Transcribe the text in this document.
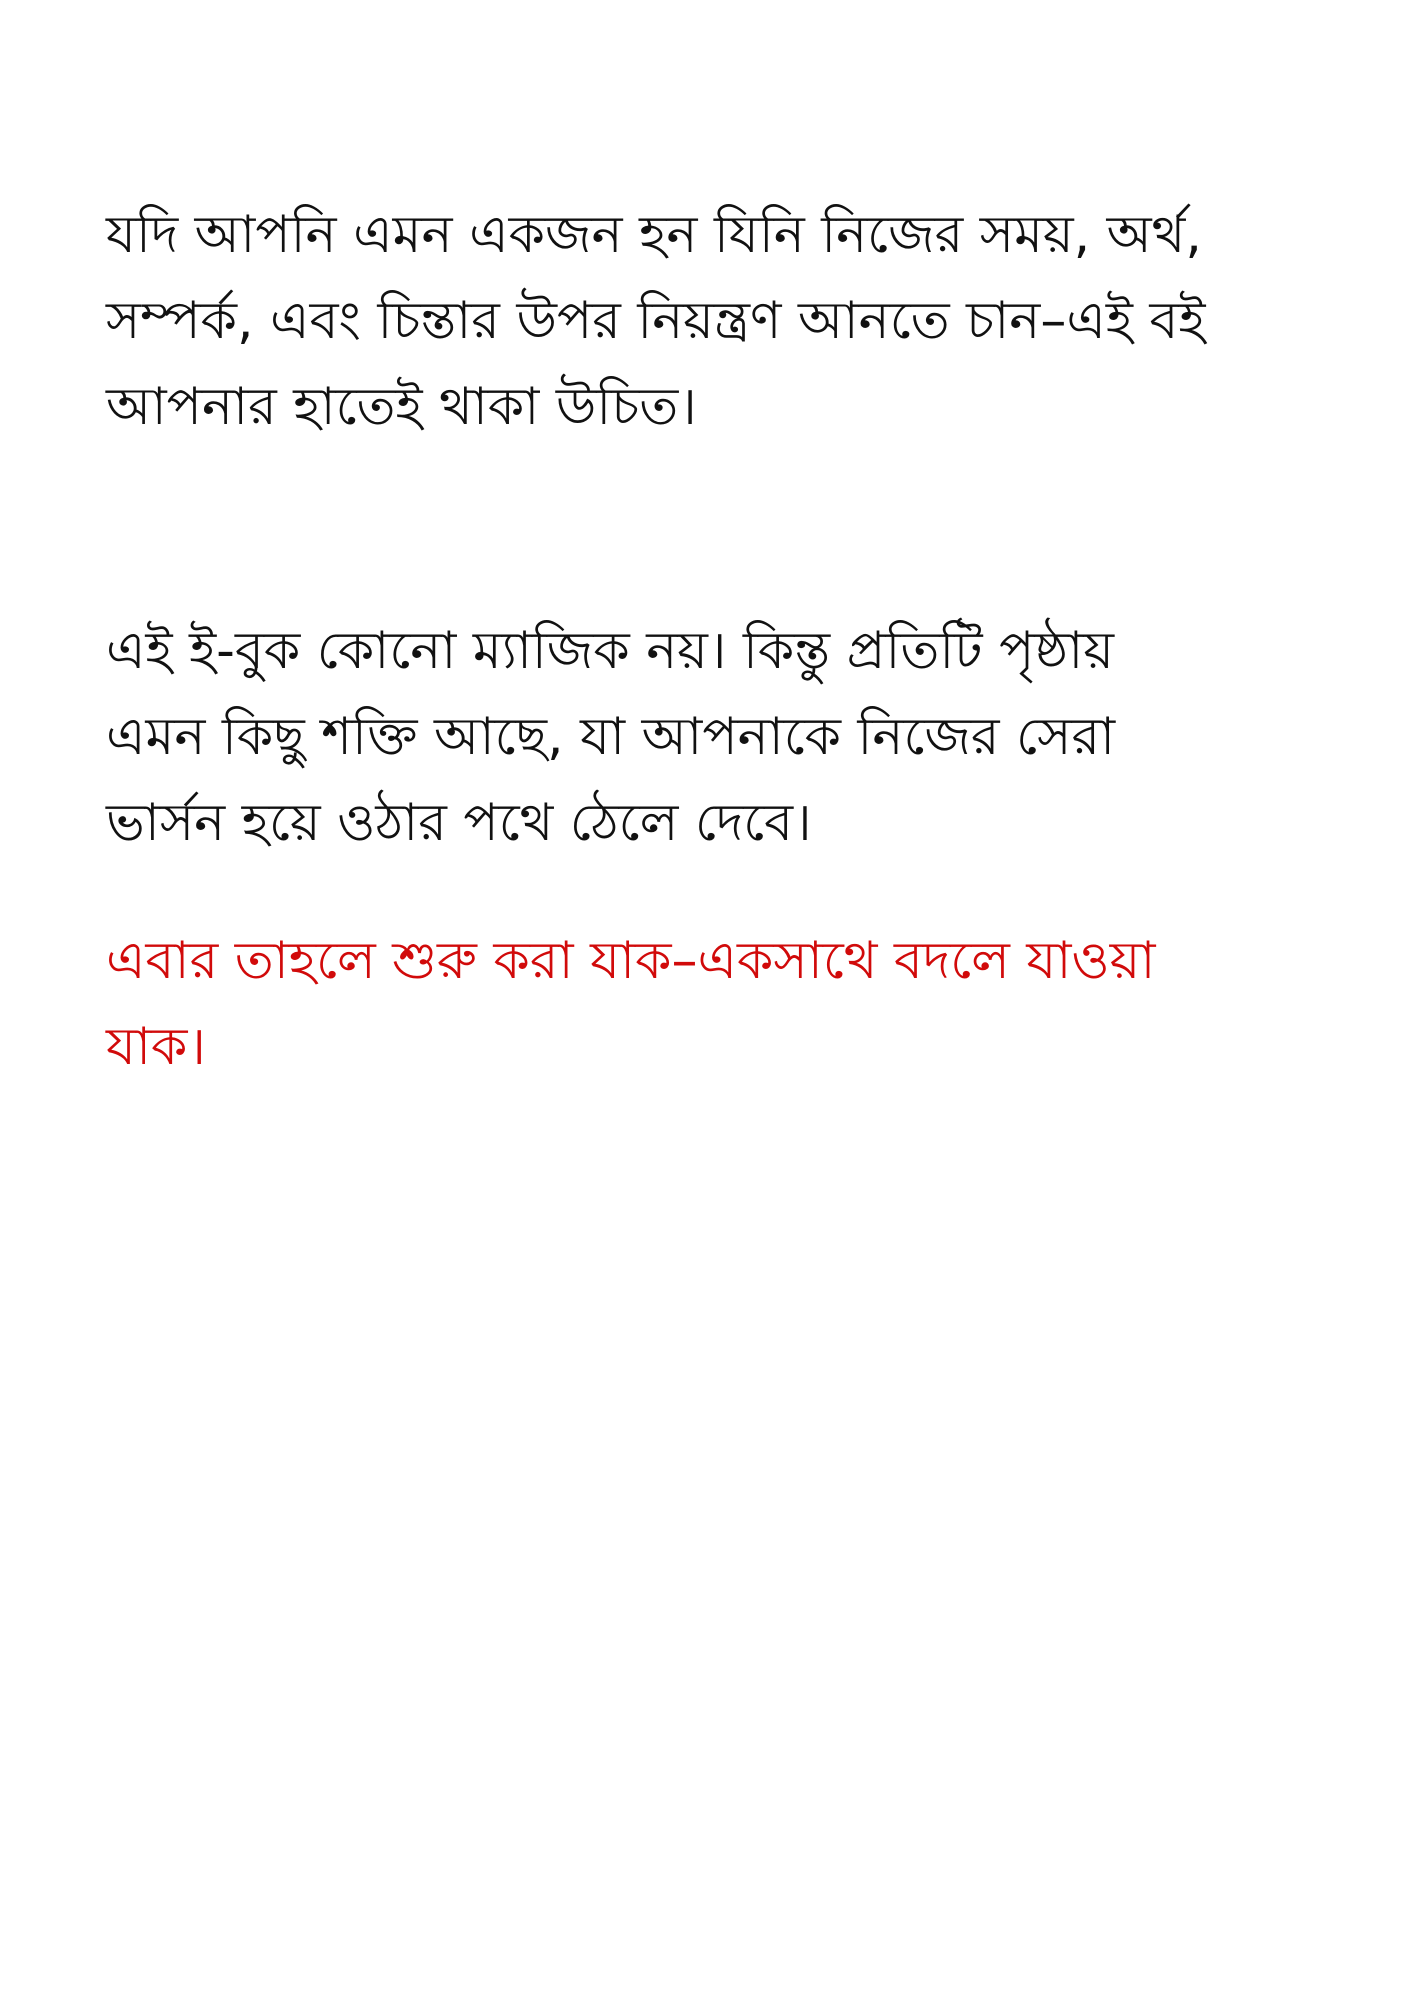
যদি আপনি এমন একজন হন যিনি নিজের সময়, অর্থ,
সম্পর্ক, এবং চিন্তার উপর নিয়ন্ত্রণ আনতে চান–এই বই
আপনার হাতেই থাকা উচিত।

এই ই-বুক কোনো ম্যাজিক নয়। কিন্তু প্রতিটি পৃষ্ঠায়
এমন কিছু শক্তি আছে, যা আপনাকে নিজের সেরা
ভার্সন হয়ে ওঠার পথে ঠেলে দেবে।

এবার তাহলে শুরু করা যাক–একসাথে বদলে যাওয়া
যাক।
